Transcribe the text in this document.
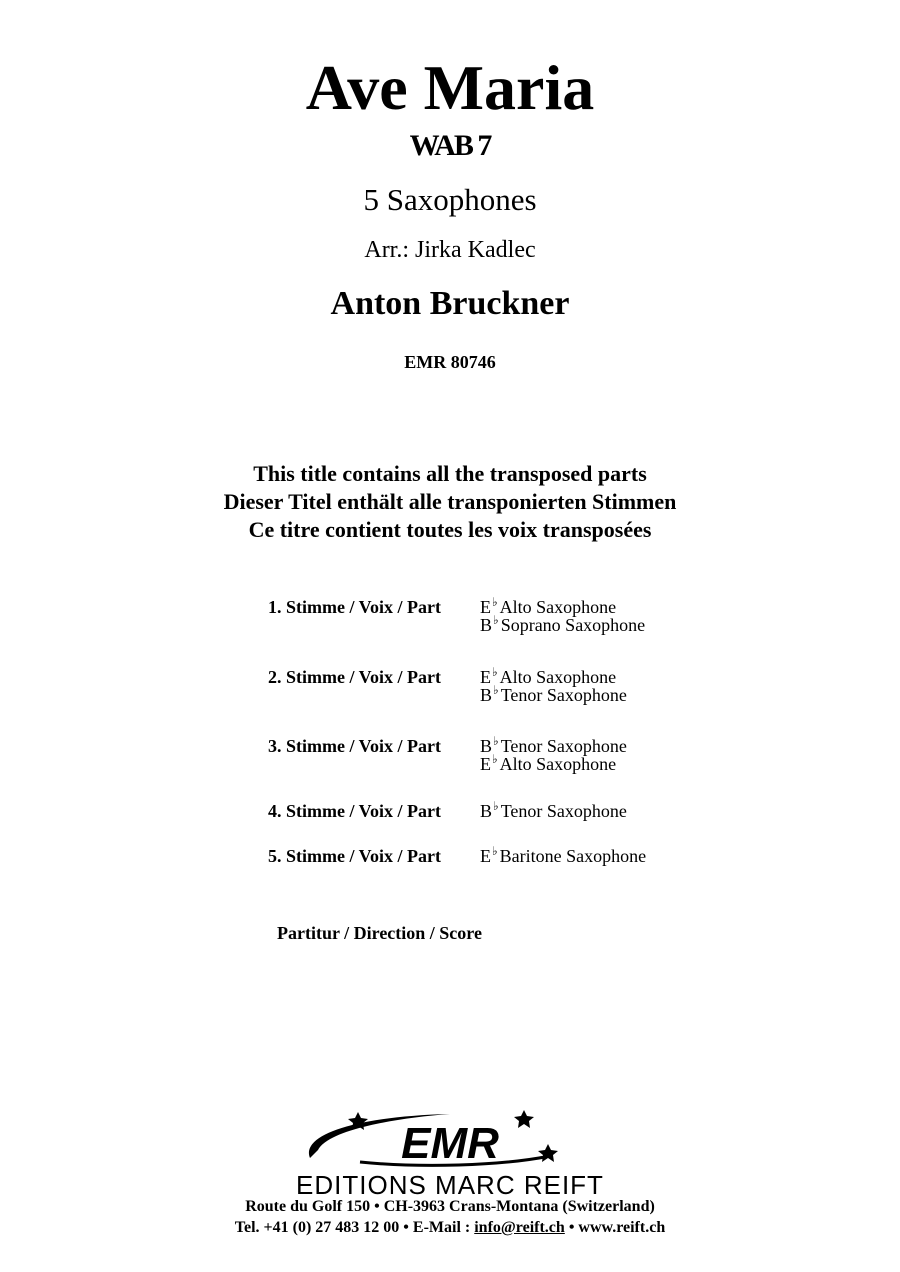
Ave Maria
WAB 7
5 Saxophones
Arr.: Jirka Kadlec
Anton Bruckner
EMR 80746
This title contains all the transposed parts
Dieser Titel enthält alle transponierten Stimmen
Ce titre contient toutes les voix transposées
1. Stimme / Voix / Part E♭ Alto Saxophone
B♭ Soprano Saxophone
2. Stimme / Voix / Part E♭ Alto Saxophone
B♭ Tenor Saxophone
3. Stimme / Voix / Part B♭ Tenor Saxophone
E♭ Alto Saxophone
4. Stimme / Voix / Part B♭ Tenor Saxophone
5. Stimme / Voix / Part E♭ Baritone Saxophone
Partitur / Direction / Score
EMR
EDITIONS MARC REIFT
Route du Golf 150 • CH-3963 Crans-Montana (Switzerland)
Tel. +41 (0) 27 483 12 00 • E-Mail : info@reift.ch • www.reift.ch
